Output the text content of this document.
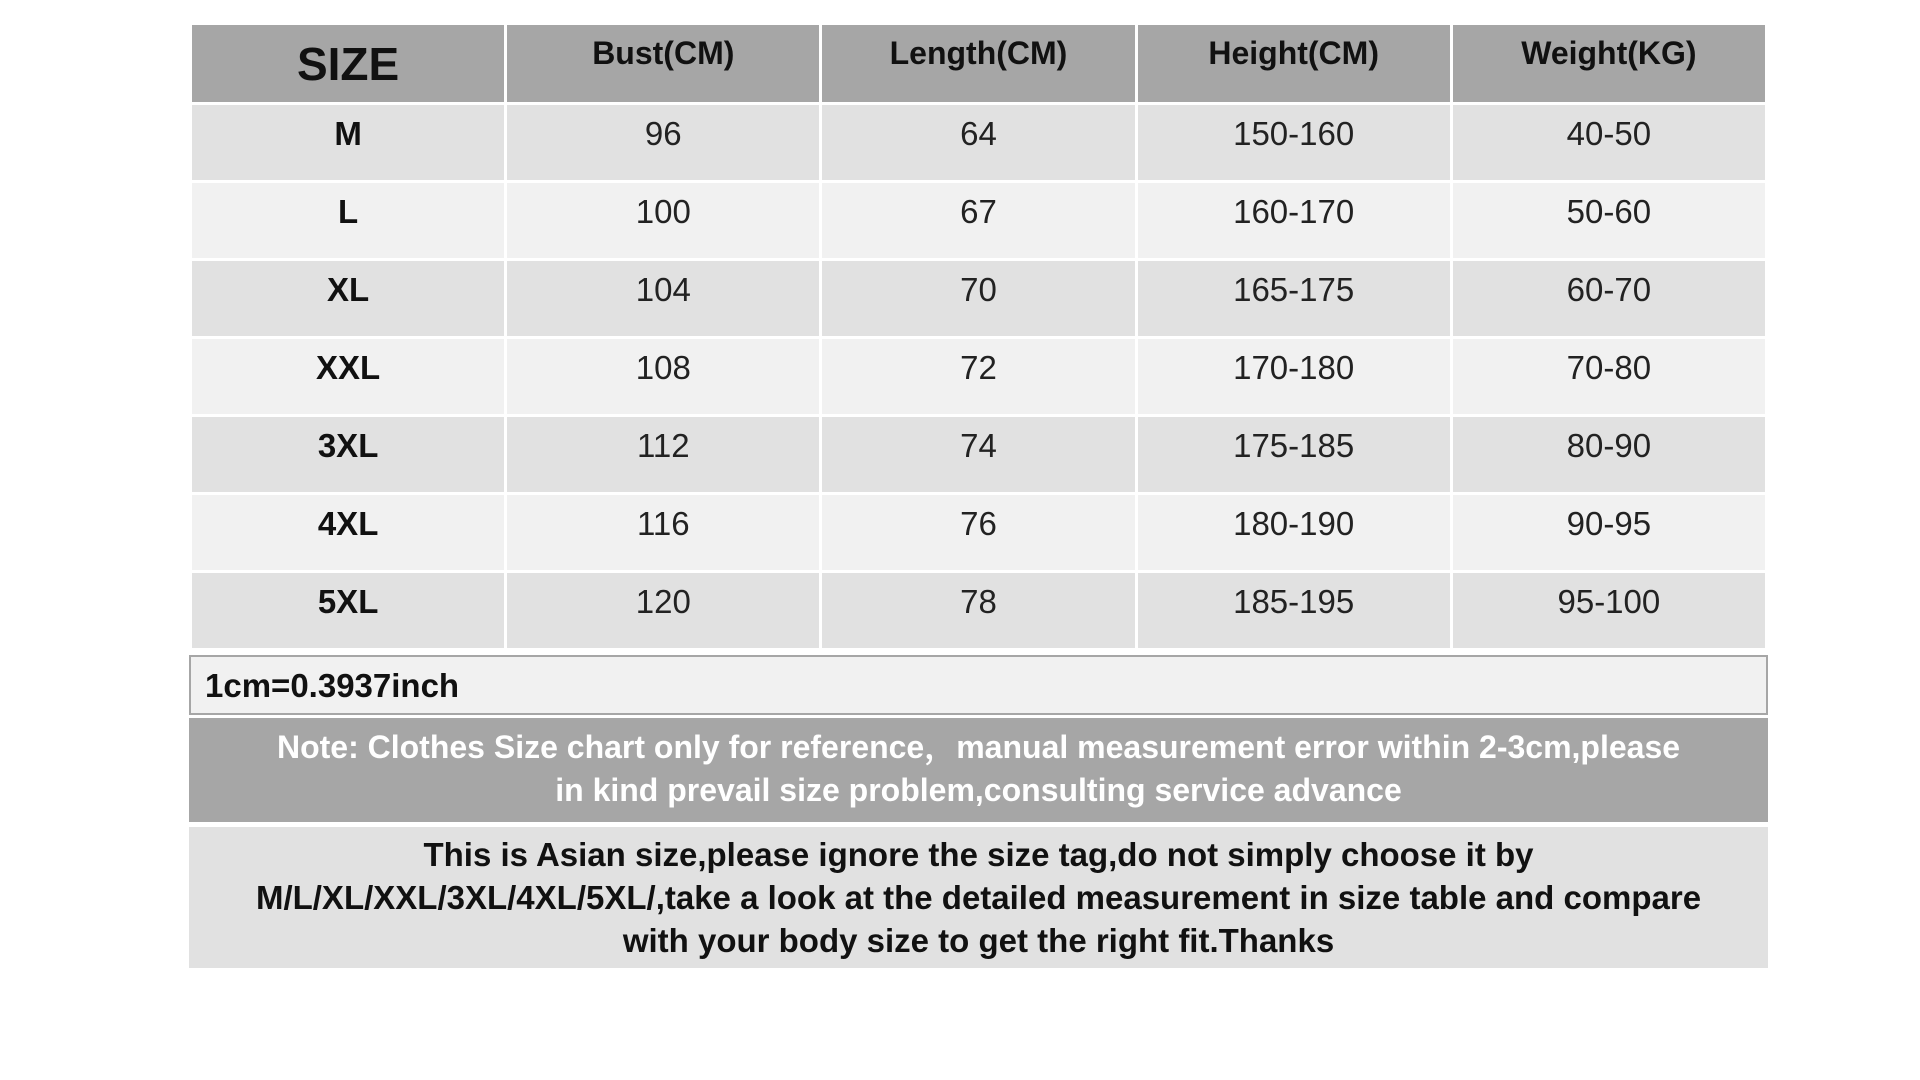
SIZE	Bust(CM)	Length(CM)	Height(CM)	Weight(KG)
M	96	64	150-160	40-50
L	100	67	160-170	50-60
XL	104	70	165-175	60-70
XXL	108	72	170-180	70-80
3XL	112	74	175-185	80-90
4XL	116	76	180-190	90-95
5XL	120	78	185-195	95-100
1cm=0.3937inch
Note: Clothes Size chart only for reference，manual measurement error within 2-3cm,please
in kind prevail size problem,consulting service advance
This is Asian size,please ignore the size tag,do not simply choose it by
M/L/XL/XXL/3XL/4XL/5XL/,take a look at the detailed measurement in size table and compare
with your body size to get the right fit.Thanks
